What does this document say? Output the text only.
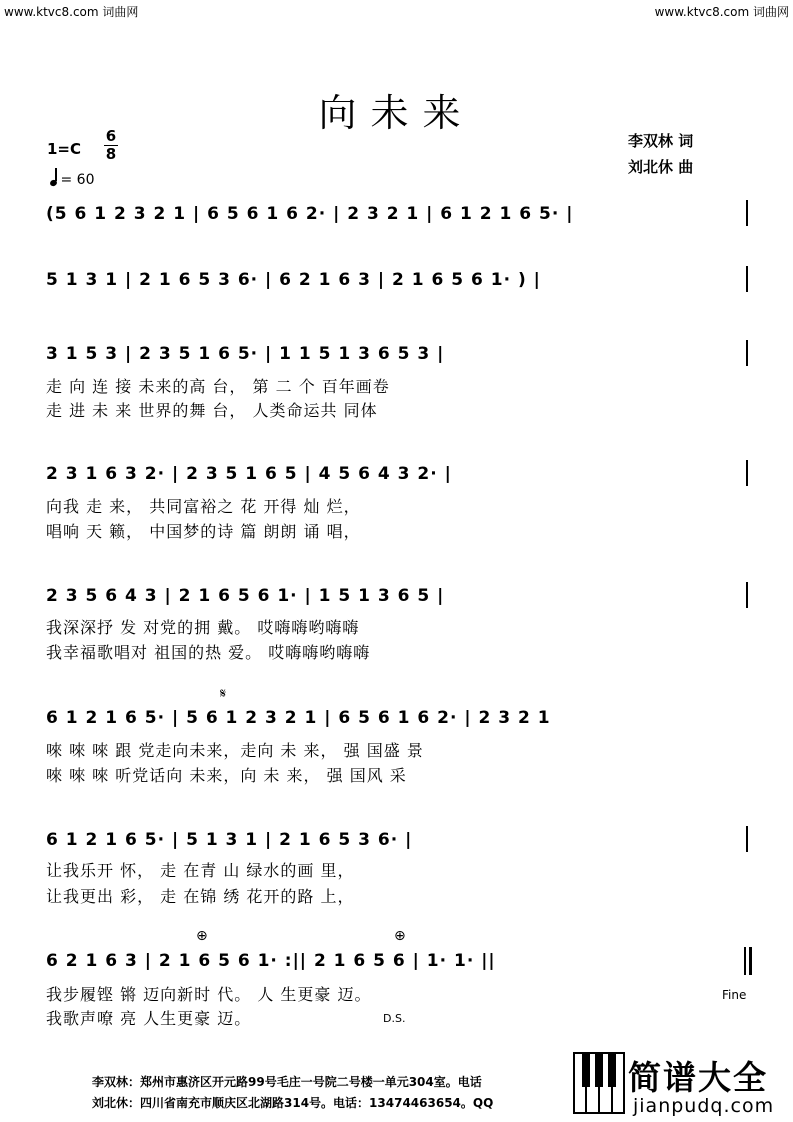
www.ktvc8.com 词曲网	www.ktvc8.com 词曲网
向未来
1=C
6
8
= 60
李双林 词
刘北休 曲
(5 6 1 2 3 2 1 | 6 5 6 1 6 2· | 2 3 2 1 | 6 1 2 1 6 5· |
5 1 3 1 | 2 1 6 5 3 6· | 6 2 1 6 3 | 2 1 6 5 6 1· ) |
3 1 5 3 | 2 3 5 1 6 5· | 1 1 5 1 3 6 5 3 |
走 向 连 接 未来的高 台， 第 二 个 百年画卷
走 进 未 来 世界的舞 台， 人类命运共 同体
2 3 1 6 3 2· | 2 3 5 1 6 5 | 4 5 6 4 3 2· |
向我 走 来， 共同富裕之 花 开得 灿 烂，
唱响 天 籁， 中国梦的诗 篇 朗朗 诵 唱，
2 3 5 6 4 3 | 2 1 6 5 6 1· | 1 5 1 3 6 5 |
我深深抒 发 对党的拥 戴。 哎嗨嗨哟嗨嗨
我幸福歌唱对 祖国的热 爱。 哎嗨嗨哟嗨嗨
𝄋
6 1 2 1 6 5· | 5 6 1 2 3 2 1 | 6 5 6 1 6 2· | 2 3 2 1
唻 唻 唻 跟 党走向未来，走向 未 来， 强 国盛 景
唻 唻 唻 听党话向 未来，向 未 来， 强 国风 采
6 1 2 1 6 5· | 5 1 3 1 | 2 1 6 5 3 6· |
让我乐开 怀， 走 在青 山 绿水的画 里，
让我更出 彩， 走 在锦 绣 花开的路 上，
⊕	⊕
6 2 1 6 3 | 2 1 6 5 6 1· :|| 2 1 6 5 6 | 1· 1· ||
我步履铿 锵 迈向新时 代。 人 生更豪 迈。
我歌声嘹 亮 人生更豪 迈。
Fine
D.S.
李双林：郑州市惠济区开元路99号毛庄一号院二号楼一单元304室。电话
刘北休：四川省南充市顺庆区北湖路314号。电话：13474463654。QQ
简谱大全
jianpudq.com
